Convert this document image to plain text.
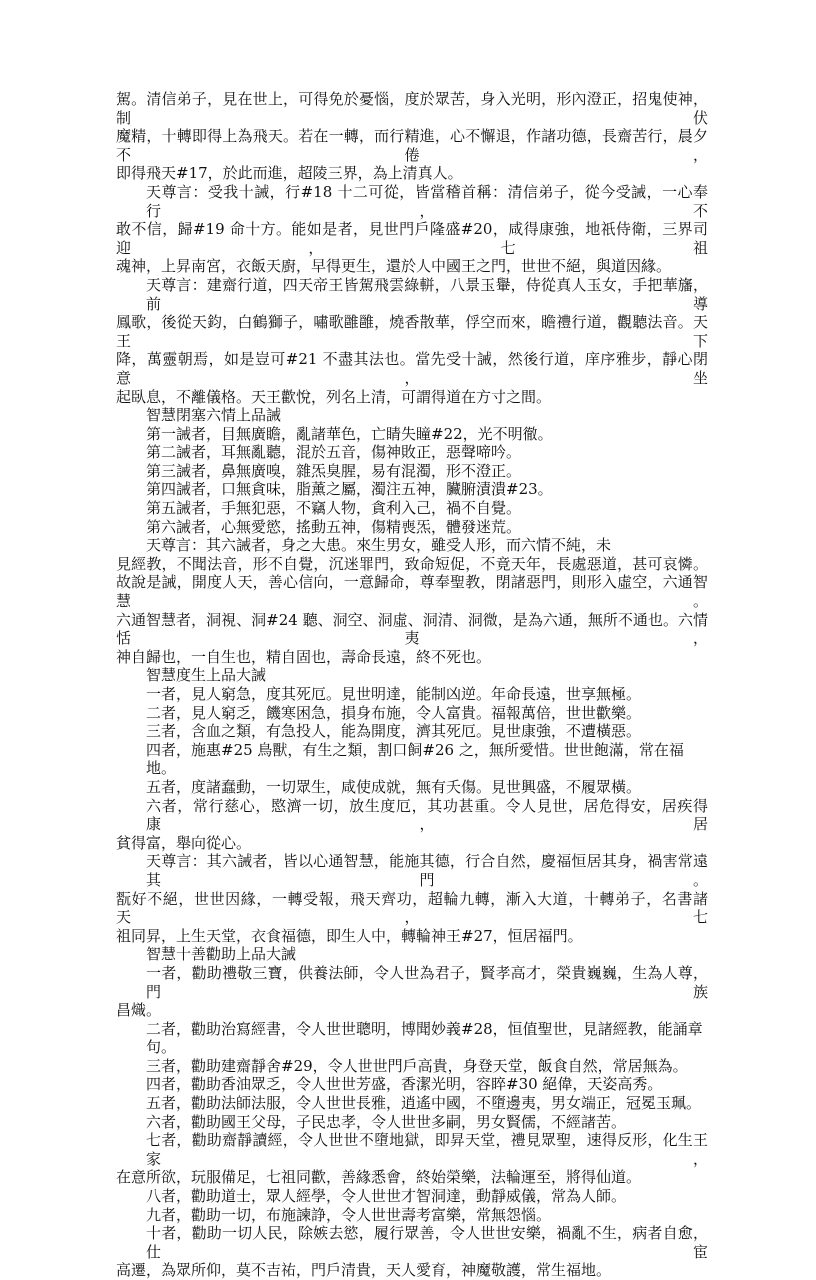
駕。清信弟子，見在世上，可得免於憂惱，度於眾苦，身入光明，形內澄正，招鬼使神，制伏
魔精，十轉即得上為飛天。若在一轉，而行精進，心不懈退，作諸功德，長齋苦行，晨夕不倦，
即得飛天#17，於此而進，超陵三界，為上清真人。
天尊言：受我十誡，行#18 十二可從，皆當稽首稱：清信弟子，從今受誡，一心奉行，不
敢不信，歸#19 命十方。能如是者，見世門戶隆盛#20，咸得康強，地祇侍衛，三界司迎，七祖
魂神，上昇南宮，衣飯天廚，早得更生，還於人中國王之門，世世不絕，與道因緣。
天尊言：建齋行道，四天帝王皆駕飛雲綠軿，八景玉轝，侍從真人玉女，手把華旛，前導
鳳歌，後從天鈞，白鶴獅子，嘯歌雝雝，燒香散華，俘空而來，瞻禮行道，觀聽法音。天王下
降，萬靈朝焉，如是豈可#21 不盡其法也。當先受十誡，然後行道，庠序雅步，靜心閉意，坐
起臥息，不離儀格。天王歡悅，列名上清，可謂得道在方寸之間。
智慧閉塞六情上品誡
第一誡者，目無廣瞻，亂諸華色，亡睛失瞳#22，光不明徹。
第二誡者，耳無亂聽，混於五音，傷神敗正，惡聲啼吟。
第三誡者，鼻無廣嗅，雜炁臭腥，易有混濁，形不澄正。
第四誡者，口無貪味，脂薰之屬，濁注五神，臟腑漬潰#23。
第五誡者，手無犯惡，不竊人物，貪利入己，禍不自覺。
第六誡者，心無愛慾，搖動五神，傷精喪炁，體發迷荒。
天尊言：其六誡者，身之大患。來生男女，雖受人形，而六情不純，未
見經教，不聞法音，形不自覺，沉迷罪門，致命短促，不竟天年，長處惡道，甚可哀憐。
故說是誡，開度人天，善心信向，一意歸命，尊奉聖教，閉諸惡門，則形入虛空，六通智慧。
六通智慧者，洞視、洞#24 聽、洞空、洞虛、洞清、洞微，是為六通，無所不通也。六情恬夷，
神自歸也，一自生也，精自固也，壽命長遠，終不死也。
智慧度生上品大誡
一者，見人窮急，度其死厄。見世明達，能制凶逆。年命長遠，世享無極。
二者，見人窮乏，饑寒困急，損身布施，令人富貴。福報萬倍，世世歡樂。
三者，含血之類，有急投人，能為開度，濟其死厄。見世康強，不遭橫惡。
四者，施惠#25 鳥獸，有生之類，割口飼#26 之，無所愛惜。世世飽滿，常在福地。
五者，度諸蠢動，一切眾生，咸使成就，無有夭傷。見世興盛，不履眾橫。
六者，常行慈心，愍濟一切，放生度厄，其功甚重。令人見世，居危得安，居疾得康，居
貧得富，舉向從心。
天尊言：其六誡者，皆以心通智慧，能施其德，行合自然，慶福恒居其身，禍害常遠其門。
翫好不絕，世世因緣，一轉受報，飛天齊功，超輪九轉，漸入大道，十轉弟子，名書諸天，七
祖同昇，上生天堂，衣食福德，即生人中，轉輪神王#27，恒居福門。
智慧十善勸助上品大誡
一者，勸助禮敬三寶，供養法師，令人世為君子，賢孝高才，榮貴巍巍，生為人尊，門族
昌熾。
二者，勸助治寫經書，令人世世聰明，博聞妙義#28，恒值聖世，見諸經教，能誦章句。
三者，勸助建齋靜舍#29，令人世世門戶高貴，身登天堂，飯食自然，常居無為。
四者，勸助香油眾乏，令人世世芳盛，香潔光明，容睟#30 絕偉，天姿高秀。
五者，勸助法師法服，令人世世長雅，逍遙中國，不墮邊夷，男女端正，冠冕玉珮。
六者，勸助國王父母，子民忠孝，令人世世多嗣，男女賢儒，不經諸苦。
七者，勸助齋靜讀經，令人世世不墮地獄，即昇天堂，禮見眾聖，速得反形，化生王家，
在意所欲，玩服備足，七祖同歡，善緣悉會，終始榮樂，法輪運至，將得仙道。
八者，勸助道士，眾人經學，令人世世才智洞達，動靜威儀，常為人師。
九者，勸助一切，布施諫諍，令人世世壽考富樂，常無怨惱。
十者，勸助一切人民，除嫉去慾，履行眾善，令人世世安樂，禍亂不生，病者自愈，仕宦
高遷，為眾所仰，莫不吉祐，門戶清貴，天人愛育，神魔敬護，常生福地。
